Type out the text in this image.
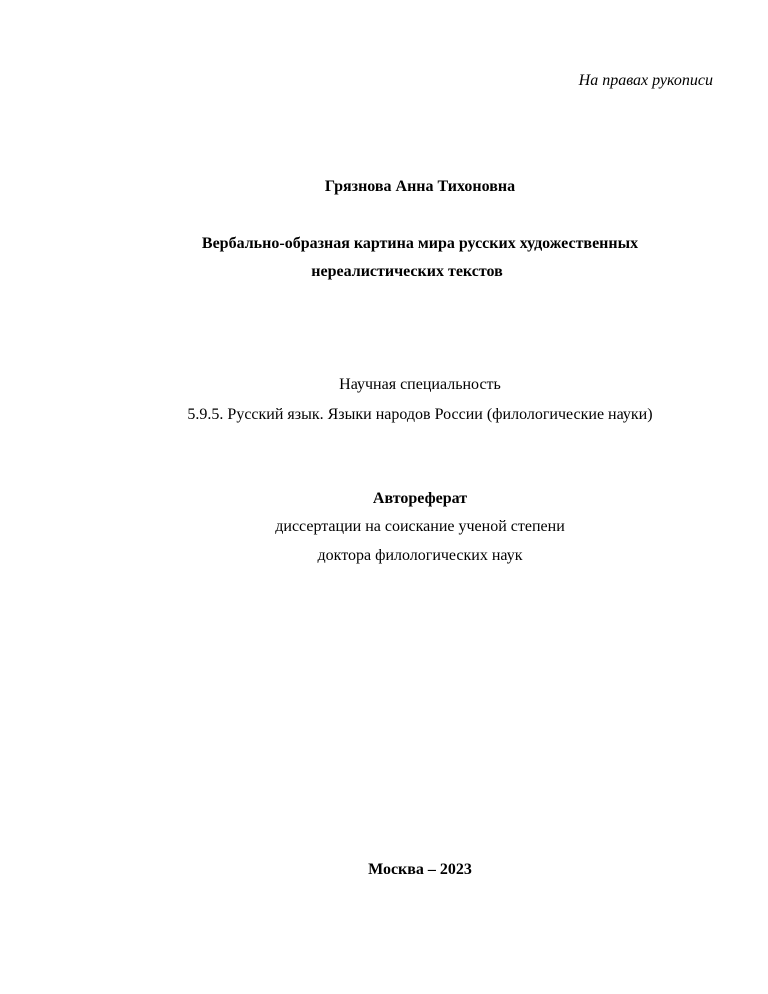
На правах рукописи
Грязнова Анна Тихоновна
Вербально-образная картина мира русских художественных
нереалистических текстов
Научная специальность
5.9.5. Русский язык. Языки народов России (филологические науки)
Автореферат
диссертации на соискание ученой степени
доктора филологических наук
Москва – 2023
